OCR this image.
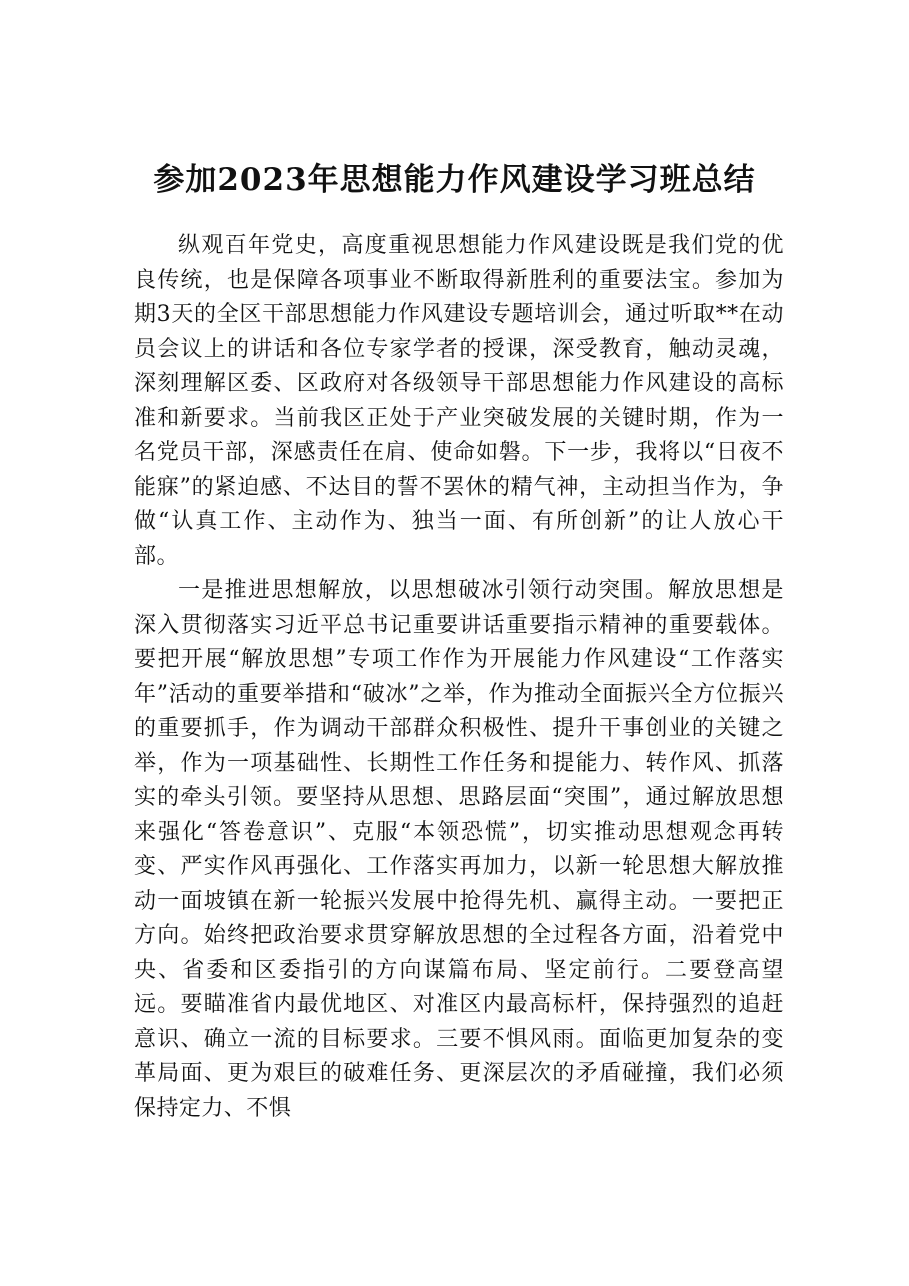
参加2023年思想能力作风建设学习班总结

纵观百年党史，高度重视思想能力作风建设既是我们党的优良传统，也是保障各项事业不断取得新胜利的重要法宝。参加为期3天的全区干部思想能力作风建设专题培训会，通过听取**在动员会议上的讲话和各位专家学者的授课，深受教育，触动灵魂，深刻理解区委、区政府对各级领导干部思想能力作风建设的高标准和新要求。当前我区正处于产业突破发展的关键时期，作为一名党员干部，深感责任在肩、使命如磐。下一步，我将以“日夜不能寐”的紧迫感、不达目的誓不罢休的精气神，主动担当作为，争做“认真工作、主动作为、独当一面、有所创新”的让人放心干部。

一是推进思想解放，以思想破冰引领行动突围。解放思想是深入贯彻落实习近平总书记重要讲话重要指示精神的重要载体。要把开展“解放思想”专项工作作为开展能力作风建设“工作落实年”活动的重要举措和“破冰”之举，作为推动全面振兴全方位振兴的重要抓手，作为调动干部群众积极性、提升干事创业的关键之举，作为一项基础性、长期性工作任务和提能力、转作风、抓落实的牵头引领。要坚持从思想、思路层面“突围”，通过解放思想来强化“答卷意识”、克服“本领恐慌”，切实推动思想观念再转变、严实作风再强化、工作落实再加力，以新一轮思想大解放推动一面坡镇在新一轮振兴发展中抢得先机、赢得主动。一要把正方向。始终把政治要求贯穿解放思想的全过程各方面，沿着党中央、省委和区委指引的方向谋篇布局、坚定前行。二要登高望远。要瞄准省内最优地区、对准区内最高标杆，保持强烈的追赶意识、确立一流的目标要求。三要不惧风雨。面临更加复杂的变革局面、更为艰巨的破难任务、更深层次的矛盾碰撞，我们必须保持定力、不惧
